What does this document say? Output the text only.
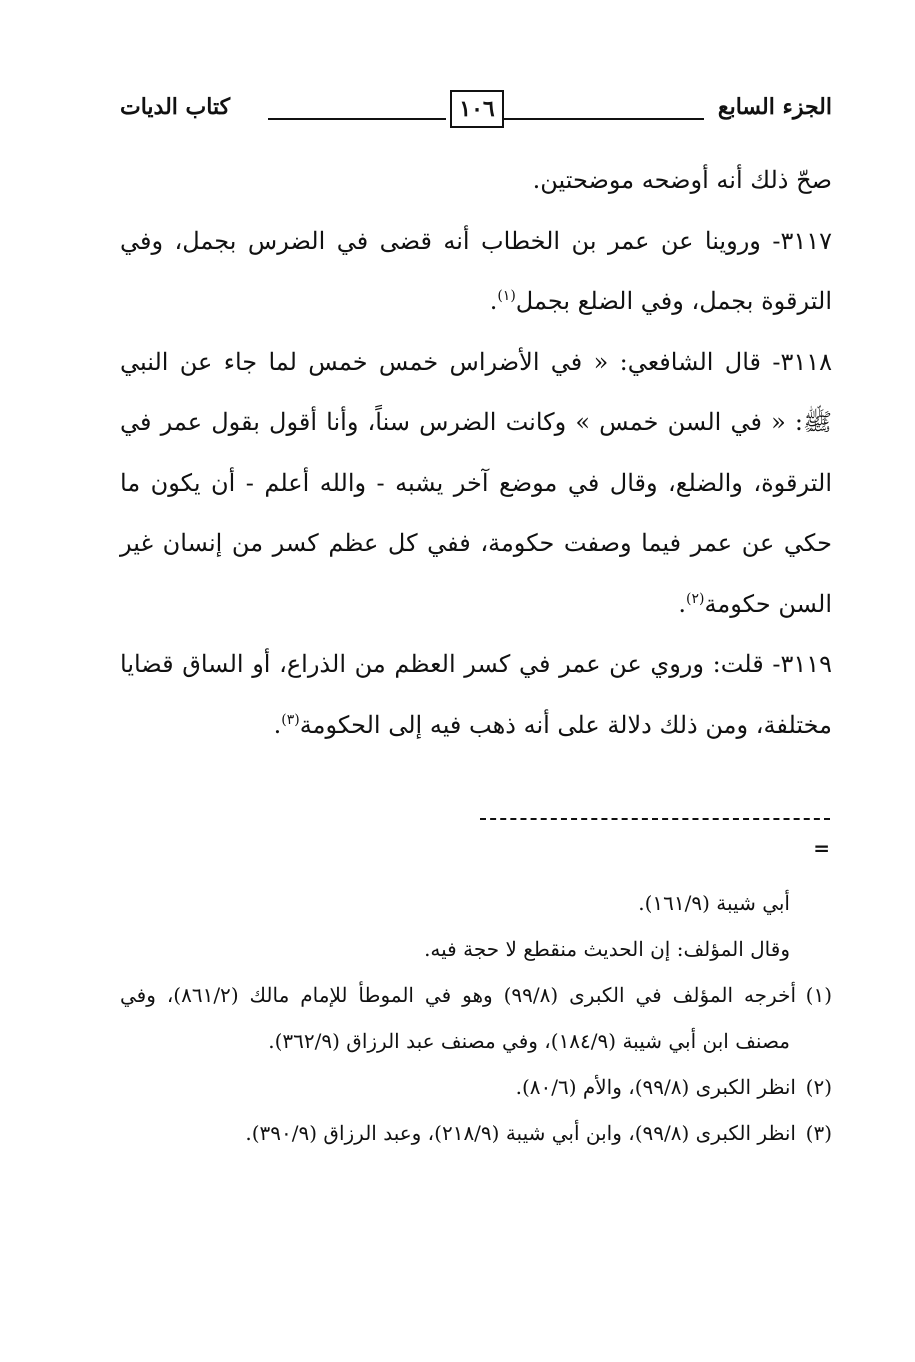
الجزء السابع
١٠٦
كتاب الديات

صحّ ذلك أنه أوضحه موضحتين.

٣١١٧- وروينا عن عمر بن الخطاب أنه قضى في الضرس بجمل، وفي الترقوة بجمل، وفي الضلع بجمل$^{(١)}$.

٣١١٨- قال الشافعي: « في الأضراس خمس خمس لما جاء عن النبي ﷺ: « في السن خمس » وكانت الضرس سناً، وأنا أقول بقول عمر في الترقوة، والضلع، وقال في موضع آخر يشبه - والله أعلم - أن يكون ما حكي عن عمر فيما وصفت حكومة، ففي كل عظم كسر من إنسان غير السن حكومة$^{(٢)}$.

٣١١٩- قلت: وروي عن عمر في كسر العظم من الذراع، أو الساق قضايا مختلفة، ومن ذلك دلالة على أنه ذهب فيه إلى الحكومة$^{(٣)}$.

=

أبي شيبة (١٦١/٩).

وقال المؤلف: إن الحديث منقطع لا حجة فيه.

(١)أخرجه المؤلف في الكبرى (٩٩/٨) وهو في الموطأ للإمام مالك (٨٦١/٢)، وفي مصنف ابن أبي شيبة (١٨٤/٩)، وفي مصنف عبد الرزاق (٣٦٢/٩).

(٢)انظر الكبرى (٩٩/٨)، والأم (٨٠/٦).

(٣)انظر الكبرى (٩٩/٨)، وابن أبي شيبة (٢١٨/٩)، وعبد الرزاق (٣٩٠/٩).
